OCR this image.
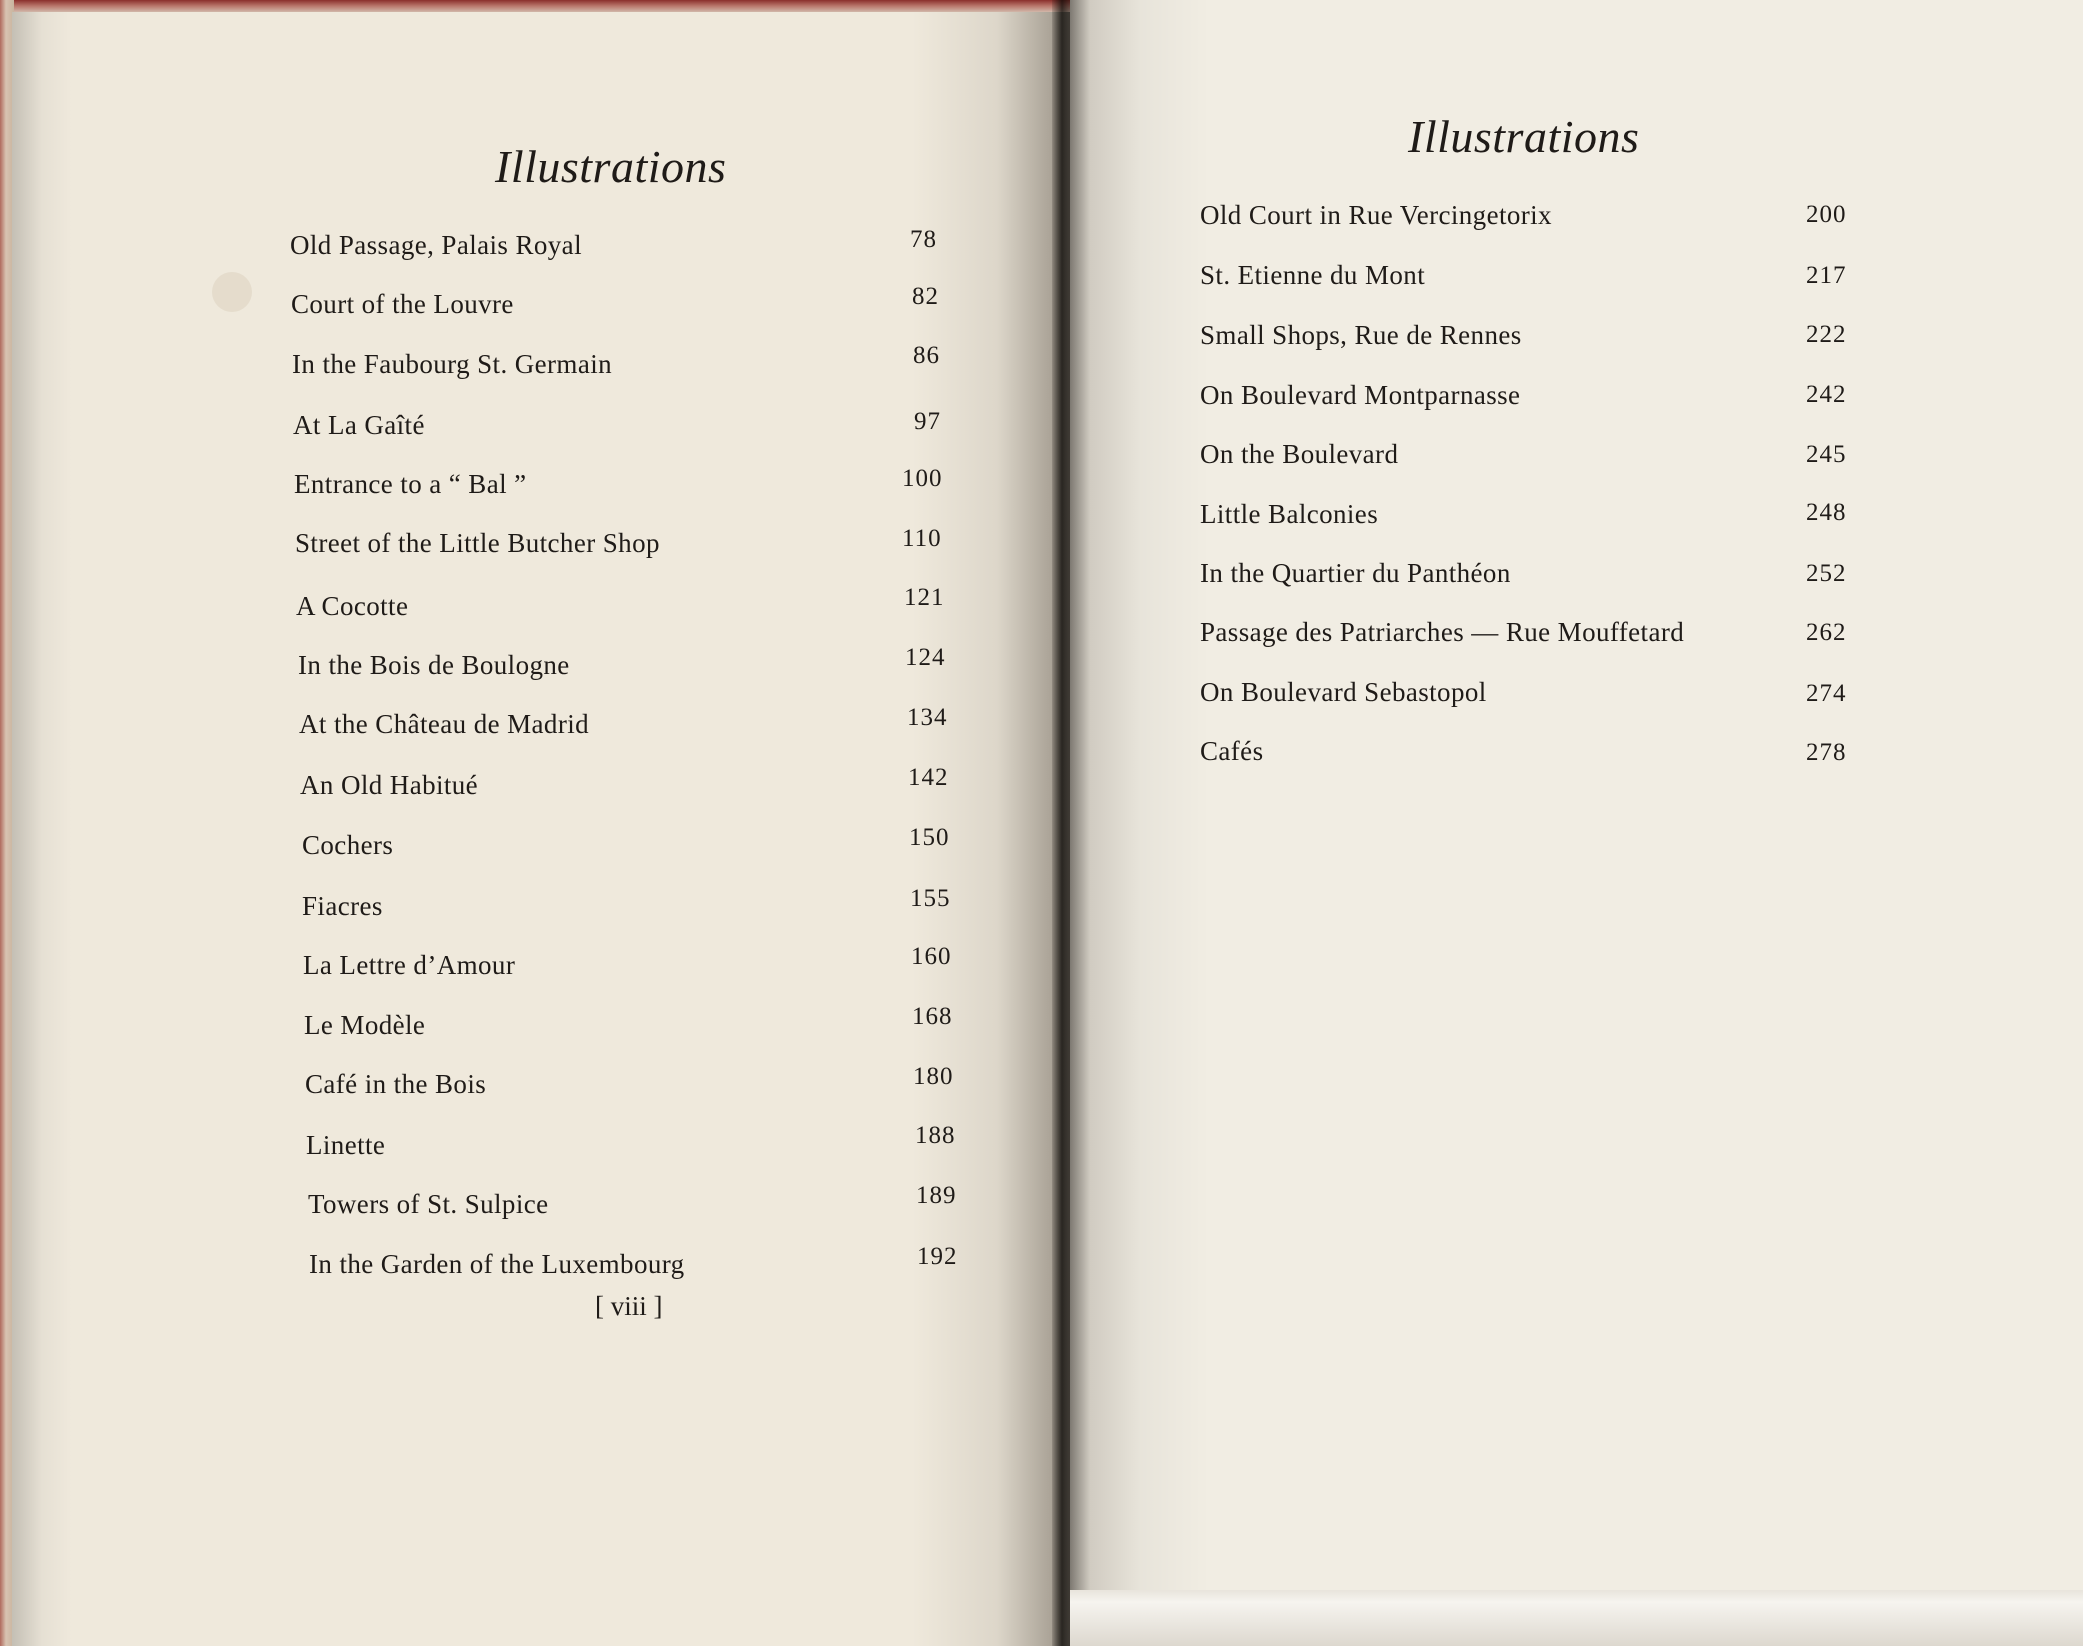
Illustrations
Old Passage, Palais Royal	78
Court of the Louvre	82
In the Faubourg St. Germain	86
At La Gaîté	97
Entrance to a “ Bal ”	100
Street of the Little Butcher Shop	110
A Cocotte	121
In the Bois de Boulogne	124
At the Château de Madrid	134
An Old Habitué	142
Cochers	150
Fiacres	155
La Lettre d’Amour	160
Le Modèle	168
Café in the Bois	180
Linette	188
Towers of St. Sulpice	189
In the Garden of the Luxembourg	192
[ viii ]
Illustrations
Old Court in Rue Vercingetorix	200
St. Etienne du Mont	217
Small Shops, Rue de Rennes	222
On Boulevard Montparnasse	242
On the Boulevard	245
Little Balconies	248
In the Quartier du Panthéon	252
Passage des Patriarches — Rue Mouffetard	262
On Boulevard Sebastopol	274
Cafés	278
